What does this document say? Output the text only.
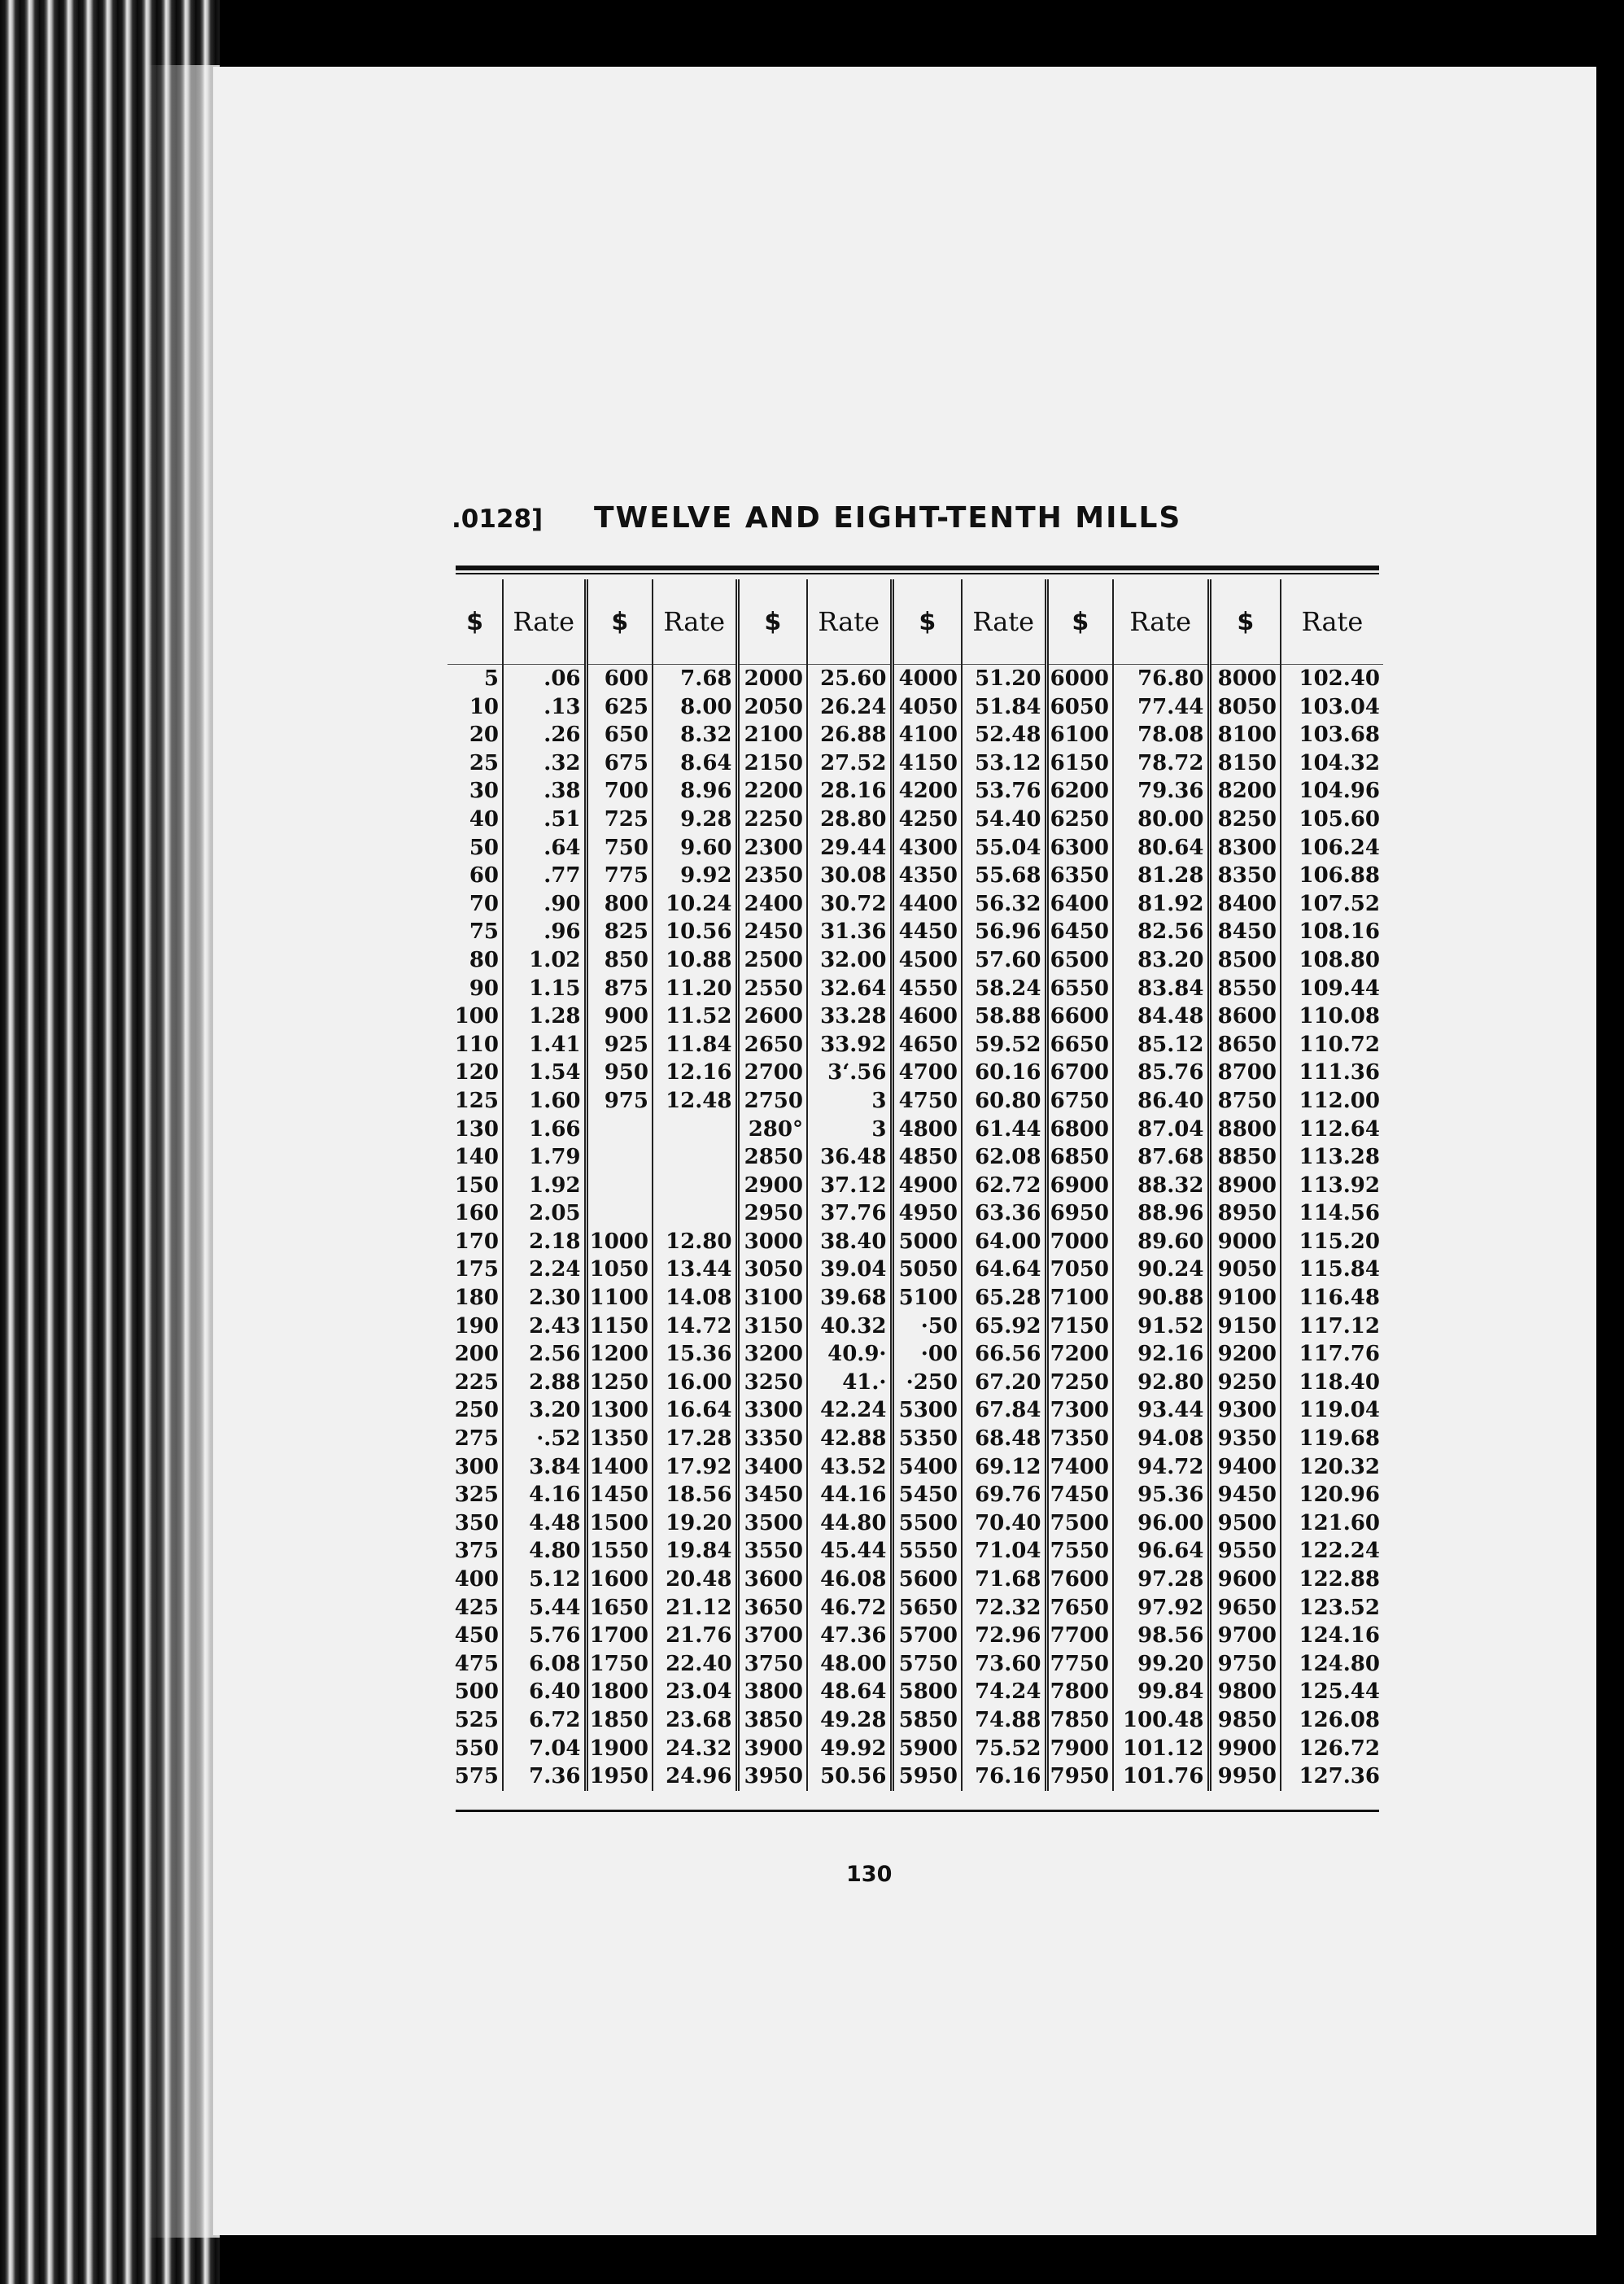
.0128] TWELVE AND EIGHT-TENTH MILLS
$	Rate	$	Rate	$	Rate	$	Rate	$	Rate	$	Rate
5	.06	600	7.68	2000	25.60	4000	51.20	6000	76.80	8000	102.40
10	.13	625	8.00	2050	26.24	4050	51.84	6050	77.44	8050	103.04
20	.26	650	8.32	2100	26.88	4100	52.48	6100	78.08	8100	103.68
25	.32	675	8.64	2150	27.52	4150	53.12	6150	78.72	8150	104.32
30	.38	700	8.96	2200	28.16	4200	53.76	6200	79.36	8200	104.96
40	.51	725	9.28	2250	28.80	4250	54.40	6250	80.00	8250	105.60
50	.64	750	9.60	2300	29.44	4300	55.04	6300	80.64	8300	106.24
60	.77	775	9.92	2350	30.08	4350	55.68	6350	81.28	8350	106.88
70	.90	800	10.24	2400	30.72	4400	56.32	6400	81.92	8400	107.52
75	.96	825	10.56	2450	31.36	4450	56.96	6450	82.56	8450	108.16
80	1.02	850	10.88	2500	32.00	4500	57.60	6500	83.20	8500	108.80
90	1.15	875	11.20	2550	32.64	4550	58.24	6550	83.84	8550	109.44
100	1.28	900	11.52	2600	33.28	4600	58.88	6600	84.48	8600	110.08
110	1.41	925	11.84	2650	33.92	4650	59.52	6650	85.12	8650	110.72
120	1.54	950	12.16	2700	3‘.56	4700	60.16	6700	85.76	8700	111.36
125	1.60	975	12.48	2750	3	4750	60.80	6750	86.40	8750	112.00
130	1.66			280°	3	4800	61.44	6800	87.04	8800	112.64
140	1.79			2850	36.48	4850	62.08	6850	87.68	8850	113.28
150	1.92			2900	37.12	4900	62.72	6900	88.32	8900	113.92
160	2.05			2950	37.76	4950	63.36	6950	88.96	8950	114.56
170	2.18	1000	12.80	3000	38.40	5000	64.00	7000	89.60	9000	115.20
175	2.24	1050	13.44	3050	39.04	5050	64.64	7050	90.24	9050	115.84
180	2.30	1100	14.08	3100	39.68	5100	65.28	7100	90.88	9100	116.48
190	2.43	1150	14.72	3150	40.32	·50	65.92	7150	91.52	9150	117.12
200	2.56	1200	15.36	3200	40.9·	·00	66.56	7200	92.16	9200	117.76
225	2.88	1250	16.00	3250	41.·	·250	67.20	7250	92.80	9250	118.40
250	3.20	1300	16.64	3300	42.24	5300	67.84	7300	93.44	9300	119.04
275	·.52	1350	17.28	3350	42.88	5350	68.48	7350	94.08	9350	119.68
300	3.84	1400	17.92	3400	43.52	5400	69.12	7400	94.72	9400	120.32
325	4.16	1450	18.56	3450	44.16	5450	69.76	7450	95.36	9450	120.96
350	4.48	1500	19.20	3500	44.80	5500	70.40	7500	96.00	9500	121.60
375	4.80	1550	19.84	3550	45.44	5550	71.04	7550	96.64	9550	122.24
400	5.12	1600	20.48	3600	46.08	5600	71.68	7600	97.28	9600	122.88
425	5.44	1650	21.12	3650	46.72	5650	72.32	7650	97.92	9650	123.52
450	5.76	1700	21.76	3700	47.36	5700	72.96	7700	98.56	9700	124.16
475	6.08	1750	22.40	3750	48.00	5750	73.60	7750	99.20	9750	124.80
500	6.40	1800	23.04	3800	48.64	5800	74.24	7800	99.84	9800	125.44
525	6.72	1850	23.68	3850	49.28	5850	74.88	7850	100.48	9850	126.08
550	7.04	1900	24.32	3900	49.92	5900	75.52	7900	101.12	9900	126.72
575	7.36	1950	24.96	3950	50.56	5950	76.16	7950	101.76	9950	127.36
130
